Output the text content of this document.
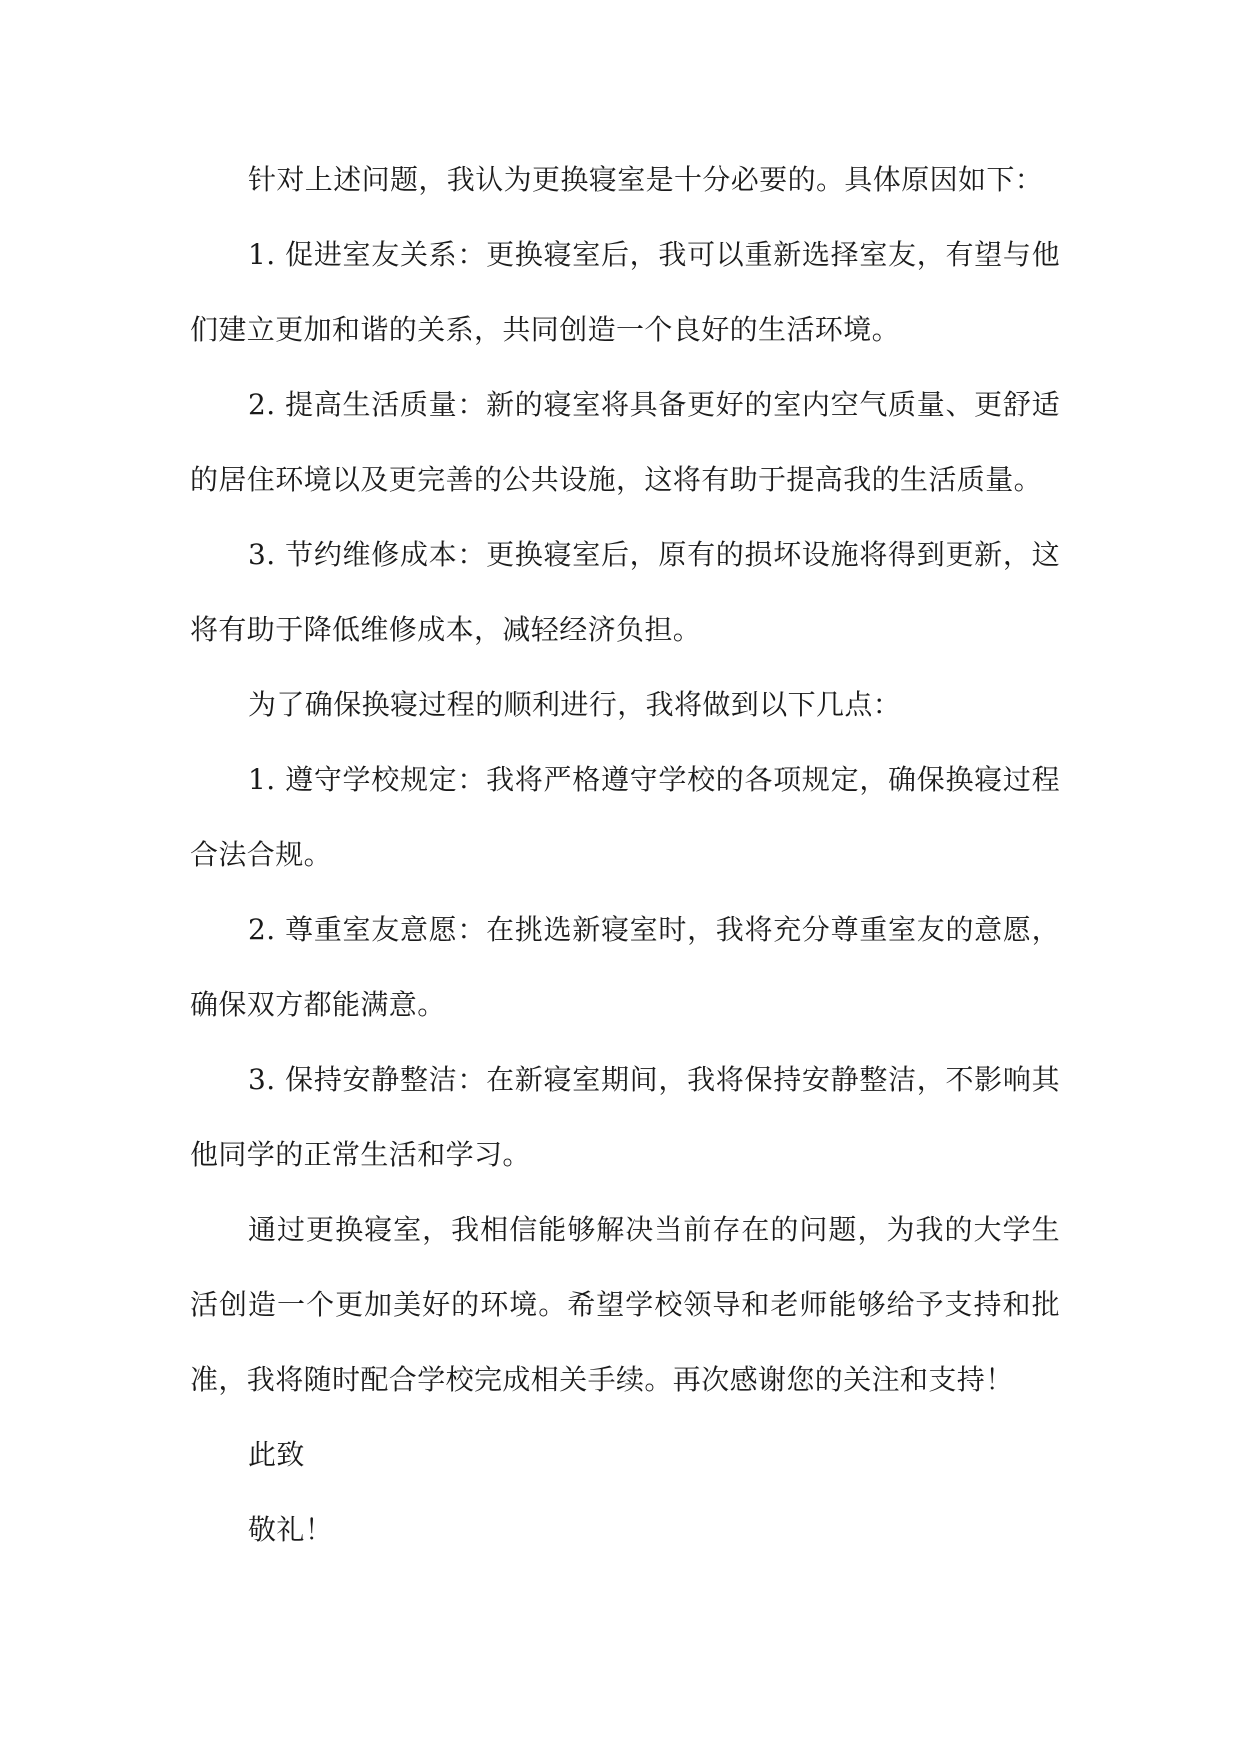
针对上述问题，我认为更换寝室是十分必要的。具体原因如下：

1. 促进室友关系：更换寝室后，我可以重新选择室友，有望与他们建立更加和谐的关系，共同创造一个良好的生活环境。

2. 提高生活质量：新的寝室将具备更好的室内空气质量、更舒适的居住环境以及更完善的公共设施，这将有助于提高我的生活质量。

3. 节约维修成本：更换寝室后，原有的损坏设施将得到更新，这将有助于降低维修成本，减轻经济负担。

为了确保换寝过程的顺利进行，我将做到以下几点：

1. 遵守学校规定：我将严格遵守学校的各项规定，确保换寝过程合法合规。

2. 尊重室友意愿：在挑选新寝室时，我将充分尊重室友的意愿，确保双方都能满意。

3. 保持安静整洁：在新寝室期间，我将保持安静整洁，不影响其他同学的正常生活和学习。

通过更换寝室，我相信能够解决当前存在的问题，为我的大学生活创造一个更加美好的环境。希望学校领导和老师能够给予支持和批准，我将随时配合学校完成相关手续。再次感谢您的关注和支持！

此致

敬礼！
